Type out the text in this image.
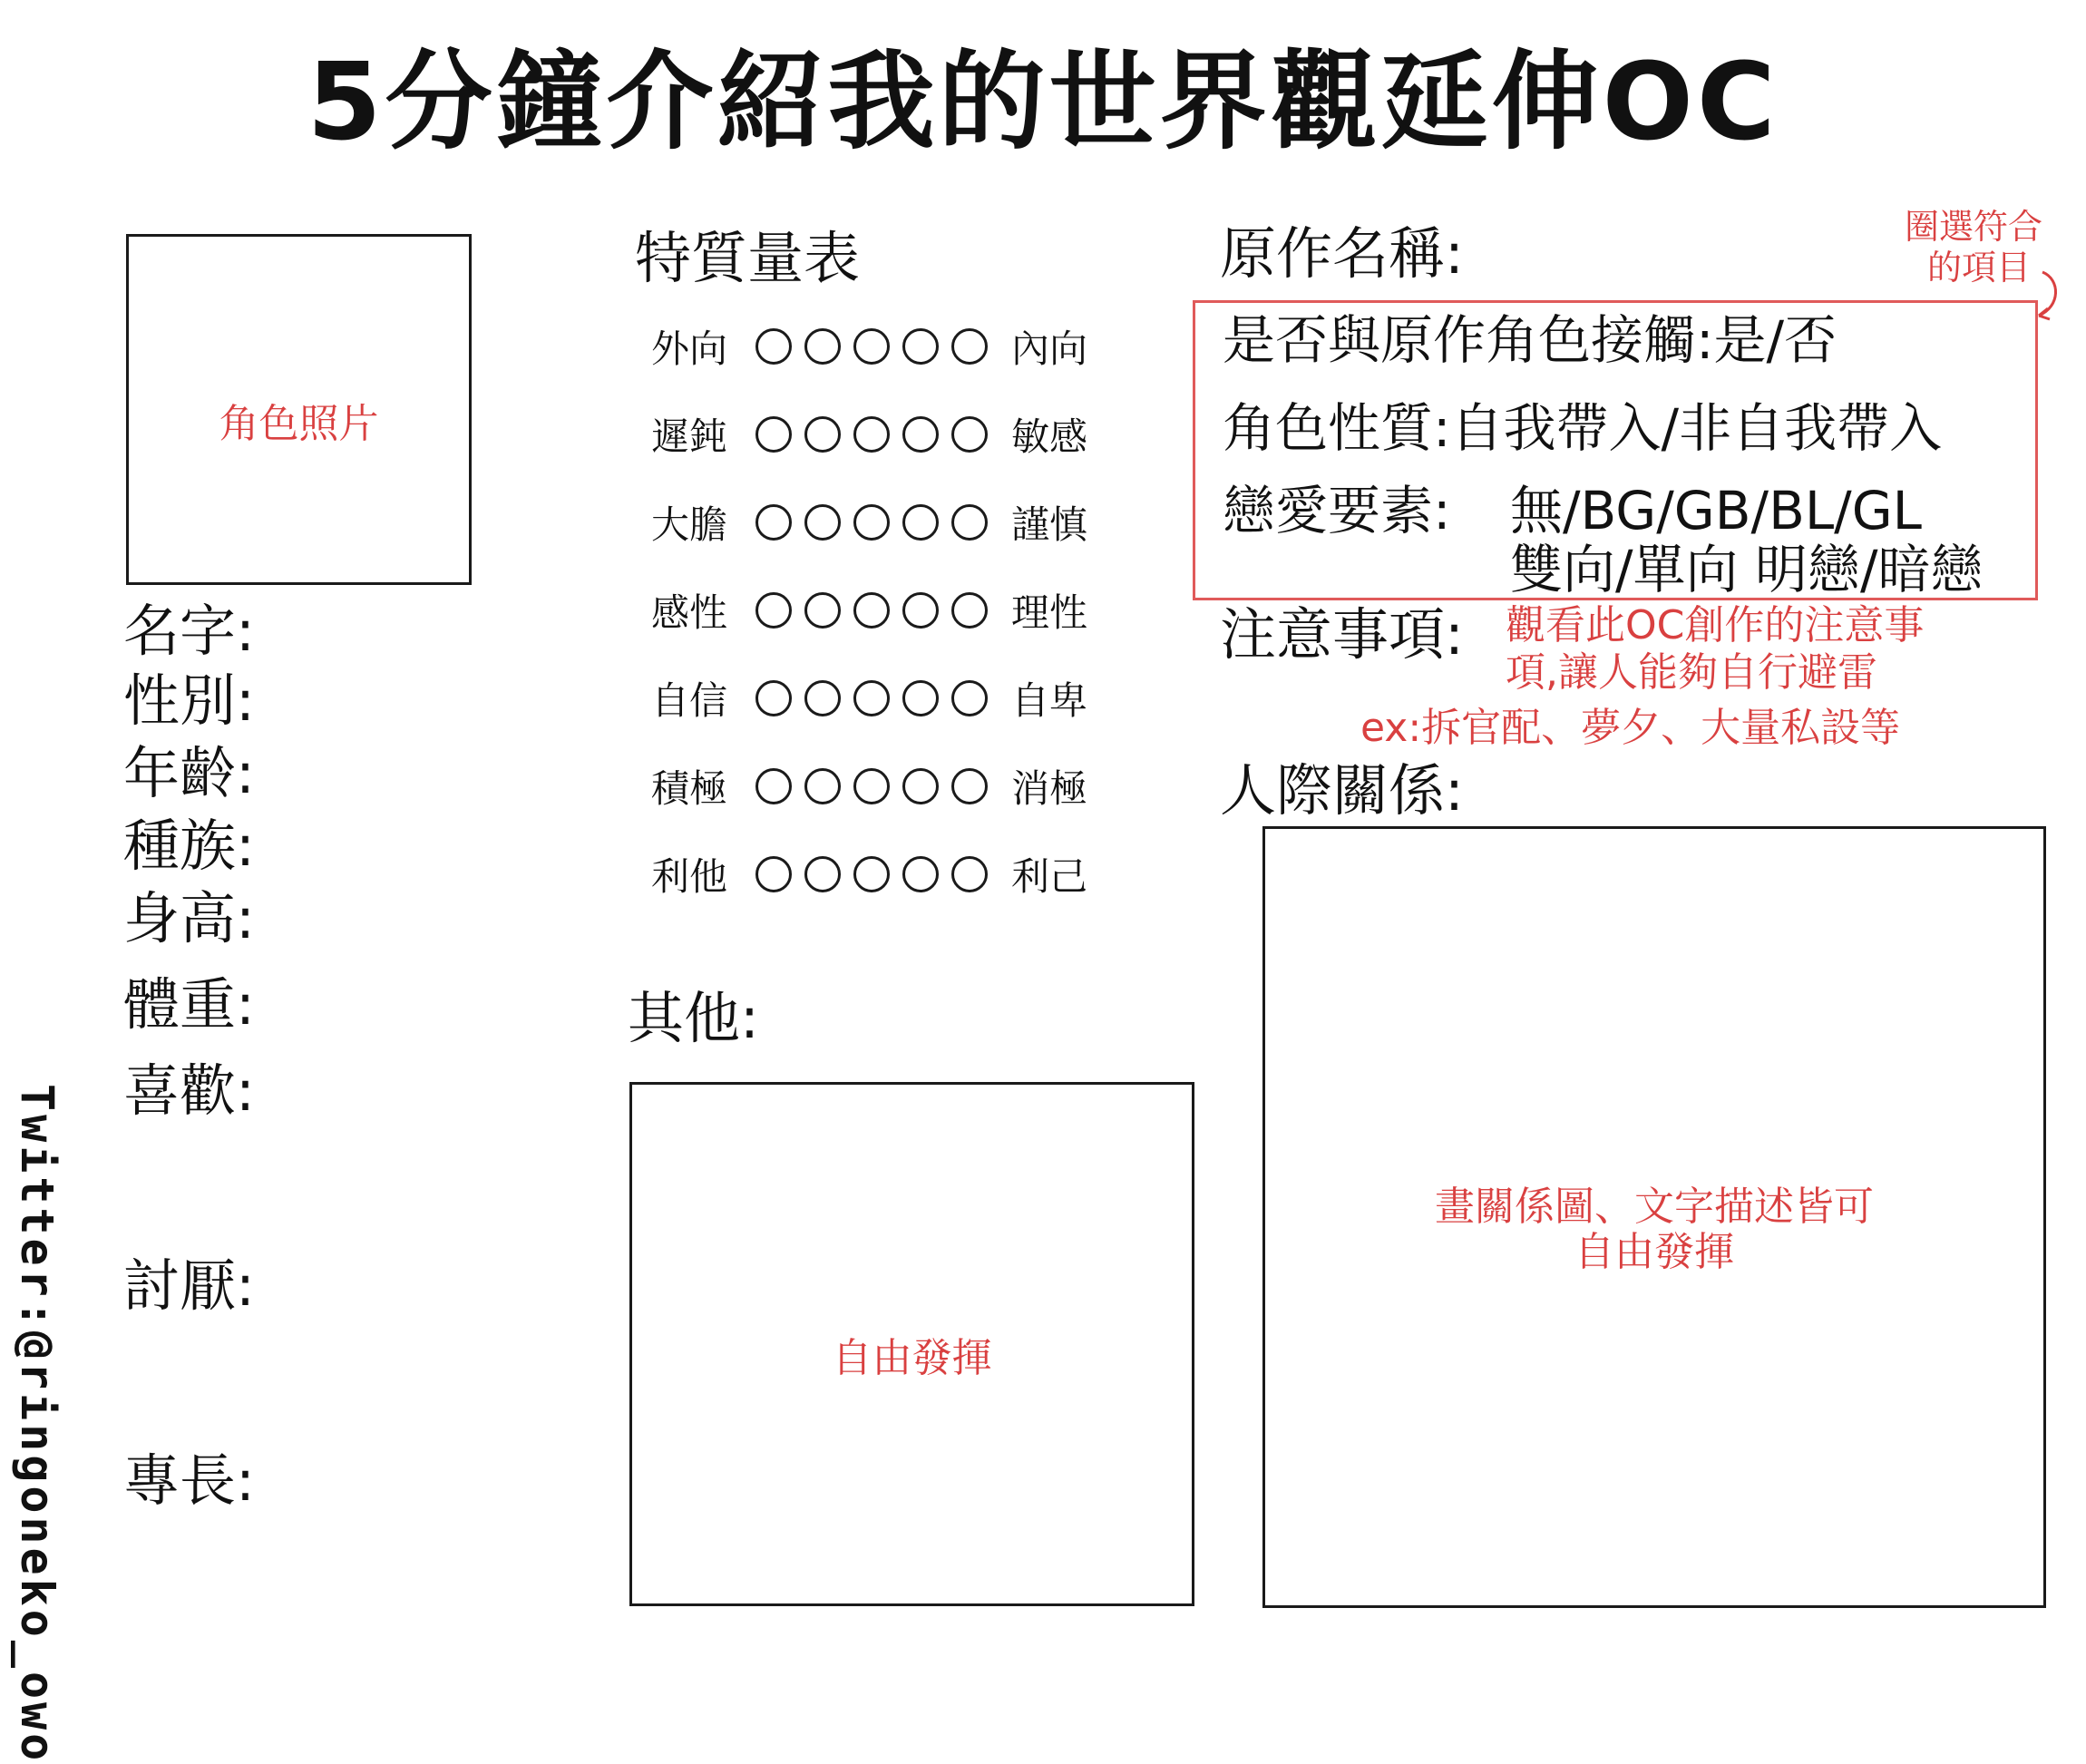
5分鐘介紹我的世界觀延伸OC
角色照片
名字:
性別:
年齡:
種族:
身高:
體重:
喜歡:
討厭:
專長:
特質量表
外向	內向
遲鈍	敏感
大膽	謹慎
感性	理性
自信	自卑
積極	消極
利他	利己
其他:
自由發揮
原作名稱:	圈選符合
的項目
是否與原作角色接觸:是/否
角色性質:自我帶入/非自我帶入
戀愛要素: 無/BG/GB/BL/GL
雙向/單向 明戀/暗戀
注意事項: 觀看此OC創作的注意事
項,讓人能夠自行避雷
ex:拆官配、夢夕、大量私設等
人際關係:
畫關係圖、文字描述皆可
自由發揮
Twitter:@ringoneko_owo
